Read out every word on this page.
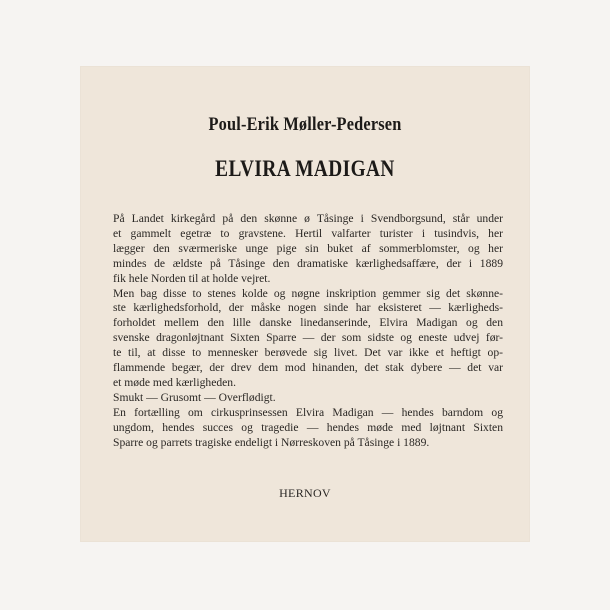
Poul-Erik Møller-Pedersen
ELVIRA MADIGAN
På Landet kirkegård på den skønne ø Tåsinge i Svendborgsund, står under
et gammelt egetræ to gravstene. Hertil valfarter turister i tusindvis, her
lægger den sværmeriske unge pige sin buket af sommerblomster, og her
mindes de ældste på Tåsinge den dramatiske kærlighedsaffære, der i 1889
fik hele Norden til at holde vejret.
Men bag disse to stenes kolde og nøgne inskription gemmer sig det skønne-
ste kærlighedsforhold, der måske nogen sinde har eksisteret — kærligheds-
forholdet mellem den lille danske linedanserinde, Elvira Madigan og den
svenske dragonløjtnant Sixten Sparre — der som sidste og eneste udvej før-
te til, at disse to mennesker berøvede sig livet. Det var ikke et heftigt op-
flammende begær, der drev dem mod hinanden, det stak dybere — det var
et møde med kærligheden.
Smukt — Grusomt — Overflødigt.
En fortælling om cirkusprinsessen Elvira Madigan — hendes barndom og
ungdom, hendes succes og tragedie — hendes møde med løjtnant Sixten
Sparre og parrets tragiske endeligt i Nørreskoven på Tåsinge i 1889.
HERNOV
